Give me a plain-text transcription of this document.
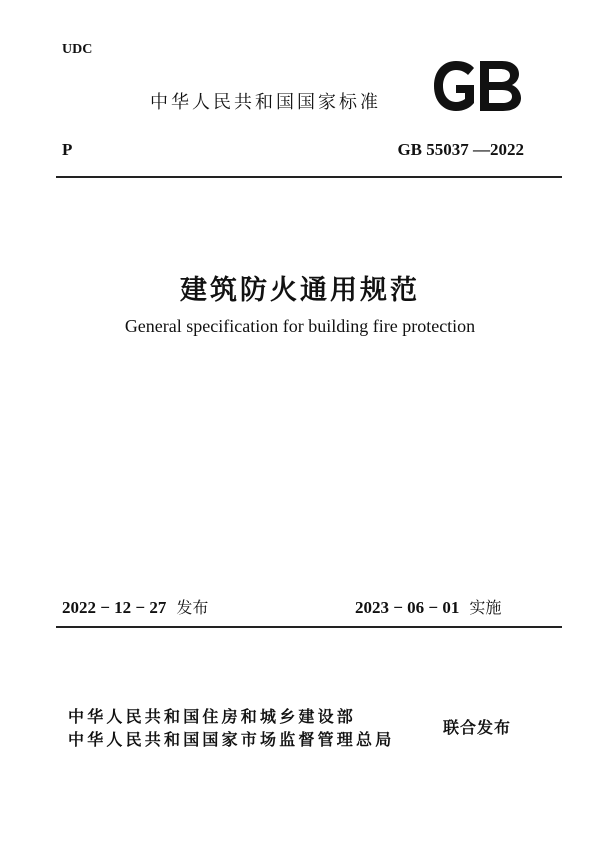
UDC
中华人民共和国国家标准
P	GB 55037 —2022
建筑防火通用规范
General specification for building fire protection
2022 − 12 − 27 发布	2023 − 06 − 01 实施
中华人民共和国住房和城乡建设部
中华人民共和国国家市场监督管理总局
联合发布
